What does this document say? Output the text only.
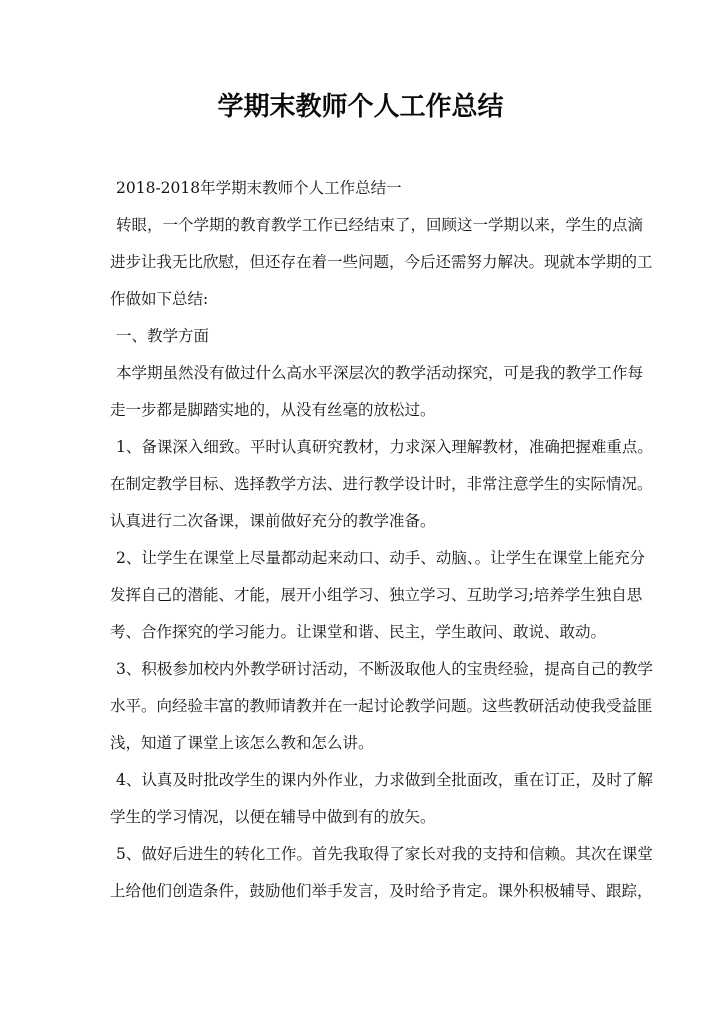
学期末教师个人工作总结

2018-2018年学期末教师个人工作总结一

转眼，一个学期的教育教学工作已经结束了，回顾这一学期以来，学生的点滴
进步让我无比欣慰，但还存在着一些问题，今后还需努力解决。现就本学期的工
作做如下总结:

一、教学方面

本学期虽然没有做过什么高水平深层次的教学活动探究，可是我的教学工作每
走一步都是脚踏实地的，从没有丝毫的放松过。

1、备课深入细致。平时认真研究教材，力求深入理解教材，准确把握难重点。
在制定教学目标、选择教学方法、进行教学设计时，非常注意学生的实际情况。
认真进行二次备课，课前做好充分的教学准备。

2、让学生在课堂上尽量都动起来动口、动手、动脑、。让学生在课堂上能充分
发挥自己的潜能、才能，展开小组学习、独立学习、互助学习;培养学生独自思
考、合作探究的学习能力。让课堂和谐、民主，学生敢问、敢说、敢动。

3、积极参加校内外教学研讨活动，不断汲取他人的宝贵经验，提高自己的教学
水平。向经验丰富的教师请教并在一起讨论教学问题。这些教研活动使我受益匪
浅，知道了课堂上该怎么教和怎么讲。

4、认真及时批改学生的课内外作业，力求做到全批面改，重在订正，及时了解
学生的学习情况，以便在辅导中做到有的放矢。

5、做好后进生的转化工作。首先我取得了家长对我的支持和信赖。其次在课堂
上给他们创造条件，鼓励他们举手发言，及时给予肯定。课外积极辅导、跟踪，
